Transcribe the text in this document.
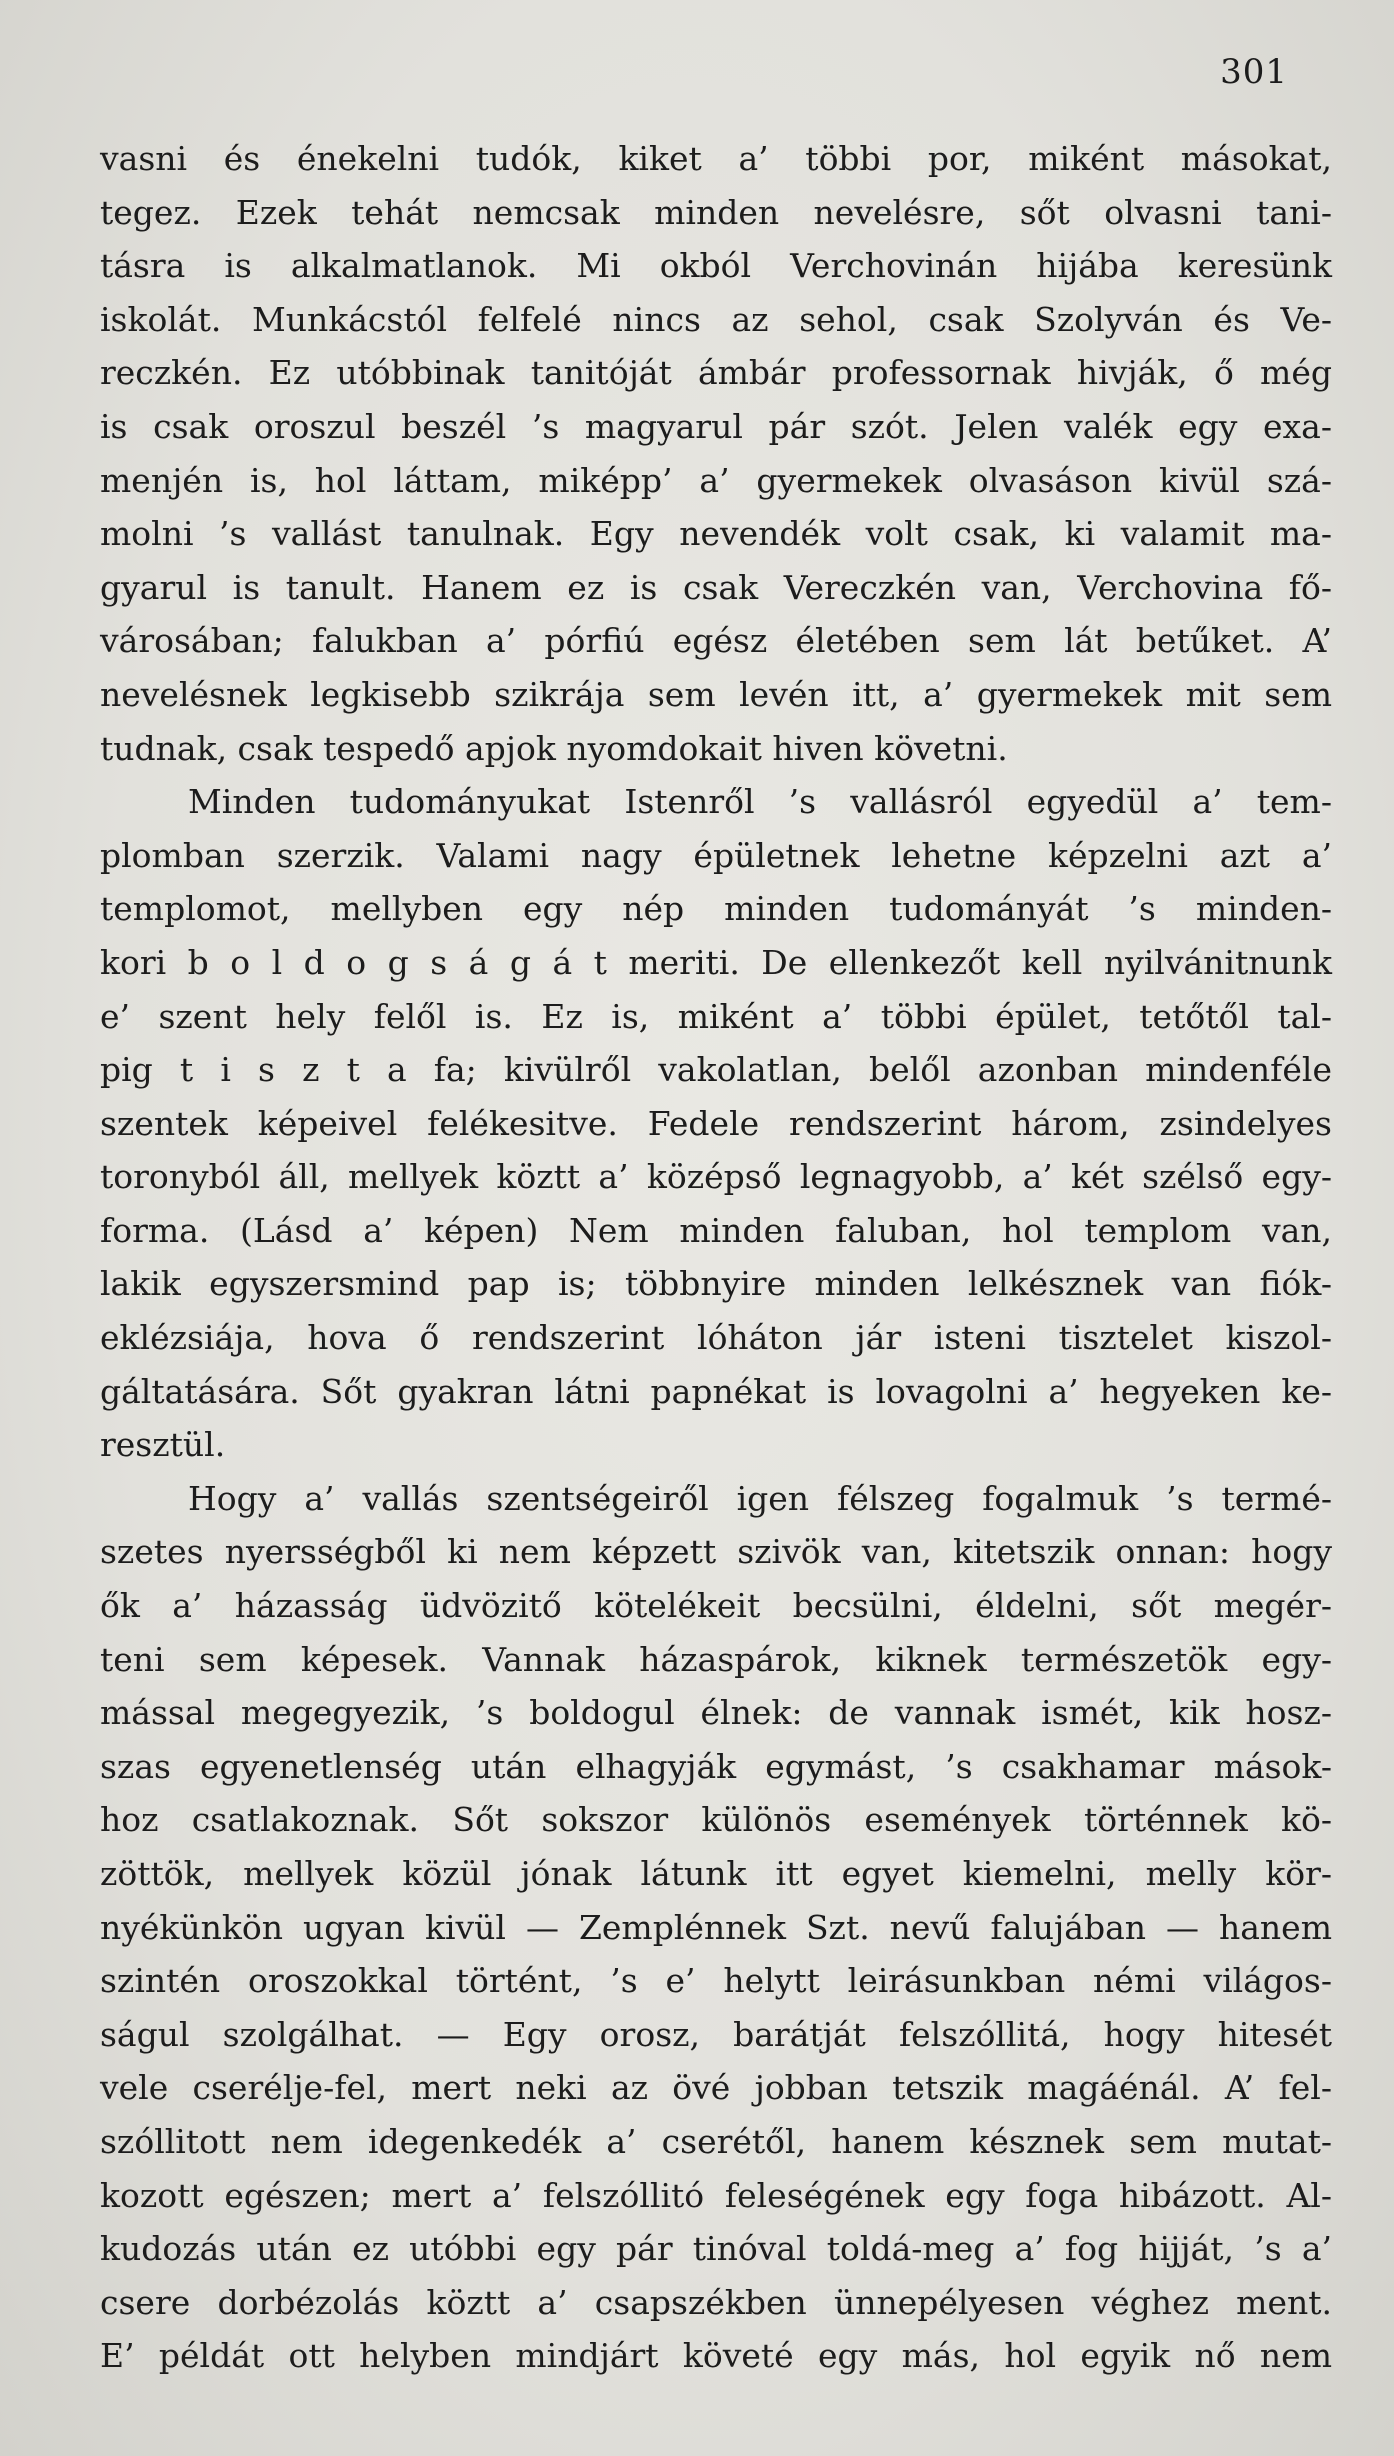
301
vasni és énekelni tudók, kiket a’ többi por, miként másokat,
tegez. Ezek tehát nemcsak minden nevelésre, sőt olvasni tani-
tásra is alkalmatlanok. Mi okból Verchovinán hijába keresünk
iskolát. Munkácstól felfelé nincs az sehol, csak Szolyván és Ve-
reczkén. Ez utóbbinak tanitóját ámbár professornak hivják, ő még
is csak oroszul beszél ’s magyarul pár szót. Jelen valék egy exa-
menjén is, hol láttam, miképp’ a’ gyermekek olvasáson kivül szá-
molni ’s vallást tanulnak. Egy nevendék volt csak, ki valamit ma-
gyarul is tanult. Hanem ez is csak Vereczkén van, Verchovina fő-
városában; falukban a’ pórfiú egész életében sem lát betűket. A’
nevelésnek legkisebb szikrája sem levén itt, a’ gyermekek mit sem
tudnak, csak tespedő apjok nyomdokait hiven követni.
Minden tudományukat Istenről ’s vallásról egyedül a’ tem-
plomban szerzik. Valami nagy épületnek lehetne képzelni azt a’
templomot, mellyben egy nép minden tudományát ’s minden-
kori b o l d o g s á g á t meriti. De ellenkezőt kell nyilvánitnunk
e’ szent hely felől is. Ez is, miként a’ többi épület, tetőtől tal-
pig t i s z t a fa; kivülről vakolatlan, belől azonban mindenféle
szentek képeivel felékesitve. Fedele rendszerint három, zsindelyes
toronyból áll, mellyek köztt a’ középső legnagyobb, a’ két szélső egy-
forma. (Lásd a’ képen) Nem minden faluban, hol templom van,
lakik egyszersmind pap is; többnyire minden lelkésznek van fiók-
eklézsiája, hova ő rendszerint lóháton jár isteni tisztelet kiszol-
gáltatására. Sőt gyakran látni papnékat is lovagolni a’ hegyeken ke-
resztül.
Hogy a’ vallás szentségeiről igen félszeg fogalmuk ’s termé-
szetes nyersségből ki nem képzett szivök van, kitetszik onnan: hogy
ők a’ házasság üdvözitő kötelékeit becsülni, éldelni, sőt megér-
teni sem képesek. Vannak házaspárok, kiknek természetök egy-
mással megegyezik, ’s boldogul élnek: de vannak ismét, kik hosz-
szas egyenetlenség után elhagyják egymást, ’s csakhamar mások-
hoz csatlakoznak. Sőt sokszor különös események történnek kö-
zöttök, mellyek közül jónak látunk itt egyet kiemelni, melly kör-
nyékünkön ugyan kivül — Zemplénnek Szt. nevű falujában — hanem
szintén oroszokkal történt, ’s e’ helytt leirásunkban némi világos-
ságul szolgálhat. — Egy orosz, barátját felszóllitá, hogy hitesét
vele cserélje-fel, mert neki az övé jobban tetszik magáénál. A’ fel-
szóllitott nem idegenkedék a’ cserétől, hanem késznek sem mutat-
kozott egészen; mert a’ felszóllitó feleségének egy foga hibázott. Al-
kudozás után ez utóbbi egy pár tinóval toldá-meg a’ fog hijját, ’s a’
csere dorbézolás köztt a’ csapszékben ünnepélyesen véghez ment.
E’ példát ott helyben mindjárt követé egy más, hol egyik nő nem
